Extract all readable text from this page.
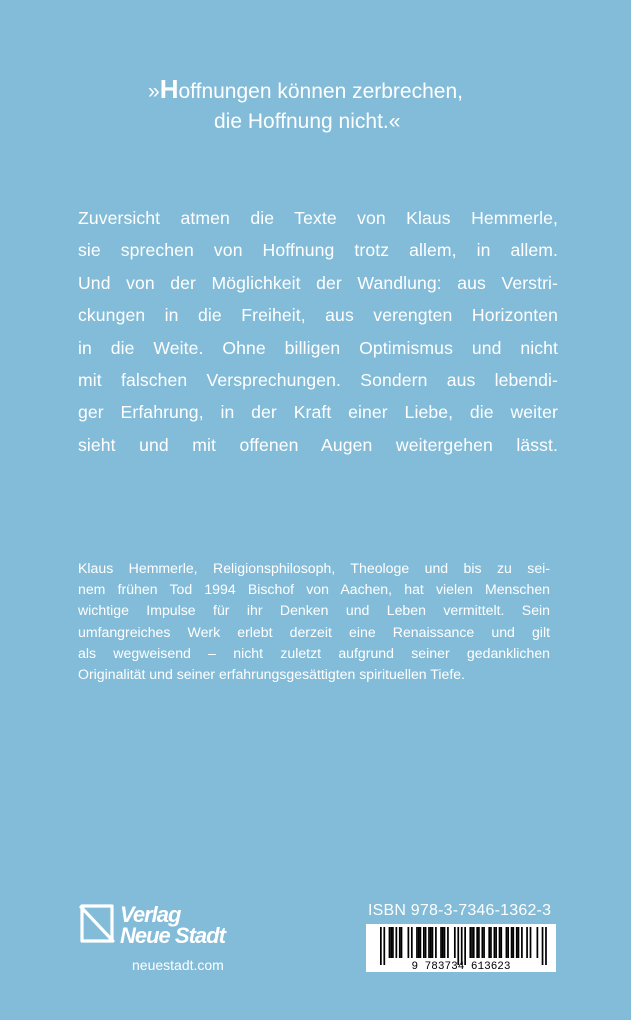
»Hoffnungen können zerbrechen,
die Hoffnung nicht.«
Zuversicht atmen die Texte von Klaus Hemmerle,
sie sprechen von Hoffnung trotz allem, in allem.
Und von der Möglichkeit der Wandlung: aus Verstri-
ckungen in die Freiheit, aus verengten Horizonten
in die Weite. Ohne billigen Optimismus und nicht
mit falschen Versprechungen. Sondern aus lebendi-
ger Erfahrung, in der Kraft einer Liebe, die weiter
sieht und mit offenen Augen weitergehen lässt.
Klaus Hemmerle, Religionsphilosoph, Theologe und bis zu sei-
nem frühen Tod 1994 Bischof von Aachen, hat vielen Menschen
wichtige Impulse für ihr Denken und Leben vermittelt. Sein
umfangreiches Werk erlebt derzeit eine Renaissance und gilt
als wegweisend – nicht zuletzt aufgrund seiner gedanklichen
Originalität und seiner erfahrungsgesättigten spirituellen Tiefe.
Verlag
Neue Stadt
neuestadt.com
ISBN 978-3-7346-1362-3
9 783734 613623
